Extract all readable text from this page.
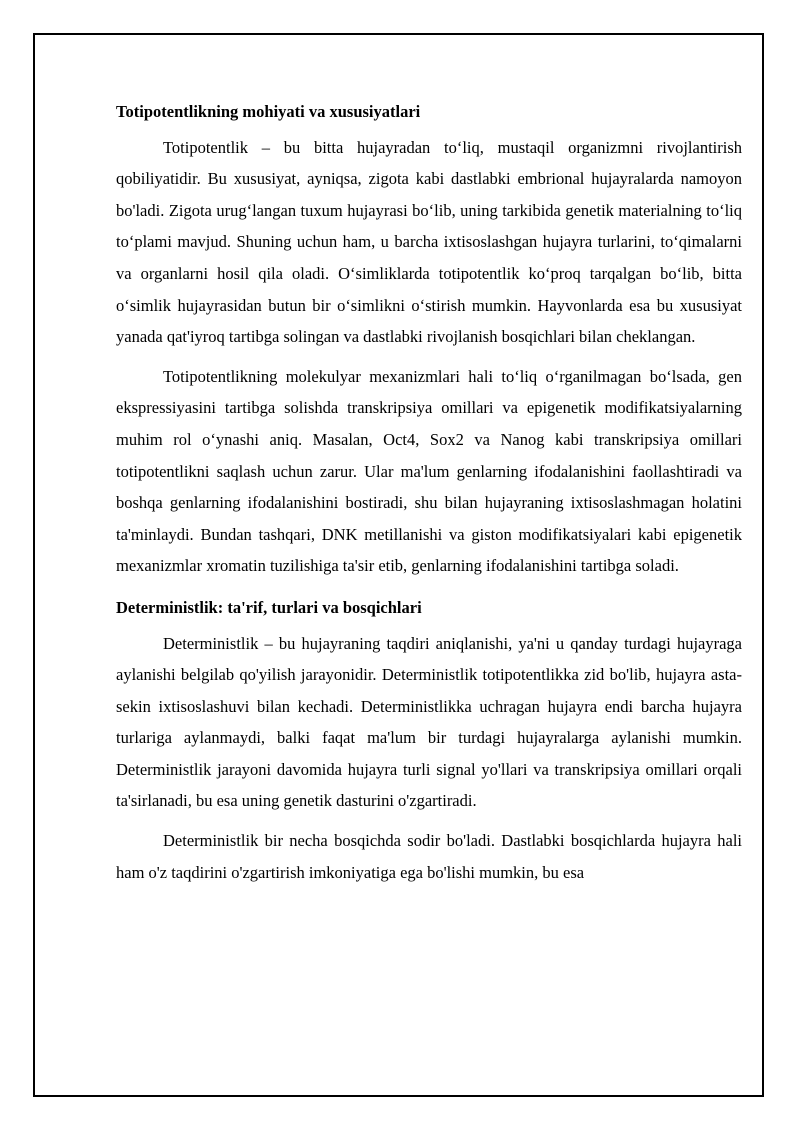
Totipotentlikning mohiyati va xususiyatlari

Totipotentlik – bu bitta hujayradan to‘liq, mustaqil organizmni rivojlantirish qobiliyatidir. Bu xususiyat, ayniqsa, zigota kabi dastlabki embrional hujayralarda namoyon bo'ladi. Zigota urug‘langan tuxum hujayrasi bo‘lib, uning tarkibida genetik materialning to‘liq to‘plami mavjud. Shuning uchun ham, u barcha ixtisoslashgan hujayra turlarini, to‘qimalarni va organlarni hosil qila oladi. O‘simliklarda totipotentlik ko‘proq tarqalgan bo‘lib, bitta o‘simlik hujayrasidan butun bir o‘simlikni o‘stirish mumkin. Hayvonlarda esa bu xususiyat yanada qat'iyroq tartibga solingan va dastlabki rivojlanish bosqichlari bilan cheklangan.

Totipotentlikning molekulyar mexanizmlari hali to‘liq o‘rganilmagan bo‘lsada, gen ekspressiyasini tartibga solishda transkripsiya omillari va epigenetik modifikatsiyalarning muhim rol o‘ynashi aniq. Masalan, Oct4, Sox2 va Nanog kabi transkripsiya omillari totipotentlikni saqlash uchun zarur. Ular ma'lum genlarning ifodalanishini faollashtiradi va boshqa genlarning ifodalanishini bostiradi, shu bilan hujayraning ixtisoslashmagan holatini ta'minlaydi. Bundan tashqari, DNK metillanishi va giston modifikatsiyalari kabi epigenetik mexanizmlar xromatin tuzilishiga ta'sir etib, genlarning ifodalanishini tartibga soladi.

Deterministlik: ta'rif, turlari va bosqichlari

Deterministlik – bu hujayraning taqdiri aniqlanishi, ya'ni u qanday turdagi hujayraga aylanishi belgilab qo'yilish jarayonidir. Deterministlik totipotentlikka zid bo'lib, hujayra asta-sekin ixtisoslashuvi bilan kechadi. Deterministlikka uchragan hujayra endi barcha hujayra turlariga aylanmaydi, balki faqat ma'lum bir turdagi hujayralarga aylanishi mumkin. Deterministlik jarayoni davomida hujayra turli signal yo'llari va transkripsiya omillari orqali ta'sirlanadi, bu esa uning genetik dasturini o'zgartiradi.

Deterministlik bir necha bosqichda sodir bo'ladi. Dastlabki bosqichlarda hujayra hali ham o'z taqdirini o'zgartirish imkoniyatiga ega bo'lishi mumkin, bu esa
